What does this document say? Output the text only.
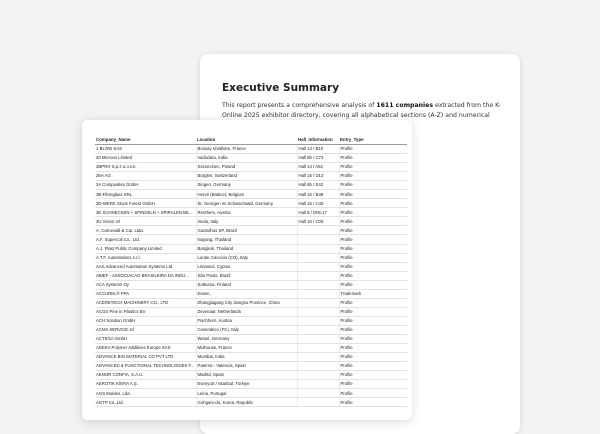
Executive Summary

This report presents a comprehensive analysis of 1611 companies extracted from the K-Online 2025 exhibitor directory, covering all alphabetical sections (A-Z) and numerical

Company_Name	Location	Hall_Information	Entry_Type
1 BLOW SAS	Bossay s/Valloire, France	Hall 14 / B10	Profile
20 Microns Limited	Vadodara, India	Hall 8b / C73	Profile
2BPRO S.p.z.o.o.s.k.	Szezecinec, Poland	Hall 14 / A62	Profile
2kH AG	Bürglen, Switzerland	Hall 15 / D13	Profile
3A Composites GmbH	Singen, Germany	Hall 8b / E42	Profile
3B-Fibreglass SRL	Hervé (Battice), Belgium	Hall 15 / B38	Profile
3D-WERK Stock Forest GmbH	St. Georgen im Schwarzwald, Germany	Hall 15 / C40	Profile
3E SCHNECKEN + SPINDELN + SPIRALEN BE...	Renthem, Austria	Hall 8 / D06.17	Profile
3U Vision srl	Imola, Italy	Hall 10 / C09	Profile
A. Carnevalli & Cia. Ltda.	Guarulhos SP, Brazil		Profile
A.F. Supercoil Co., Ltd.	Nayang, Thailand		Profile
A.J. Plast Public Company Limited	Bangkok, Thailand		Profile
A.T.F. Automations s.r.l.	Lurate Caccivio (CO), Italy		Profile
AAS Advanced Automation Systems Ltd.	Limassol, Cyprus		Profile
ABIEF - ASSOCIACAO BRASILEIRA DA INDÚ...	São Paulo, Brazil		Profile
ACA Systems Oy	Sotkuma, Finland		Profile
ACCUREL® PPA	Essen,		Trademark
ACERETECH MACHINERY CO., LTD	Zhangjiagang City Jiangsu Province, China		Profile
ACGS Pine in Plastics BV	Zevenaar, Netherlands		Profile
ACH Solution GmbH	Fischhorn, Austria		Profile
ACMA SERVICE srl	Cesenatico (FC), Italy		Profile
ACTEGA GmbH	Wesel, Germany		Profile
ADEKA Polymer Additives Europe SAS	Mulhouse, France		Profile
ADVANCE BIO MATERIAL CO PVT LTD	Mumbai, India		Profile
ADVANCED & FUNCTIONAL TECHNOLOGIES F...	Paterna - Valencia, Spain		Profile
AENOR CONFIA, S.A.U.	Madrid, Spain		Profile
AEROTIK KİMYA A.Ş.	Esenyurt / Istanbul, Türkiye		Profile
AGS Moldes, Lda.	Leiria, Portugal		Profile
AGTP Co.,Ltd.	Gohgam-do, Korea, Republic		Profile
